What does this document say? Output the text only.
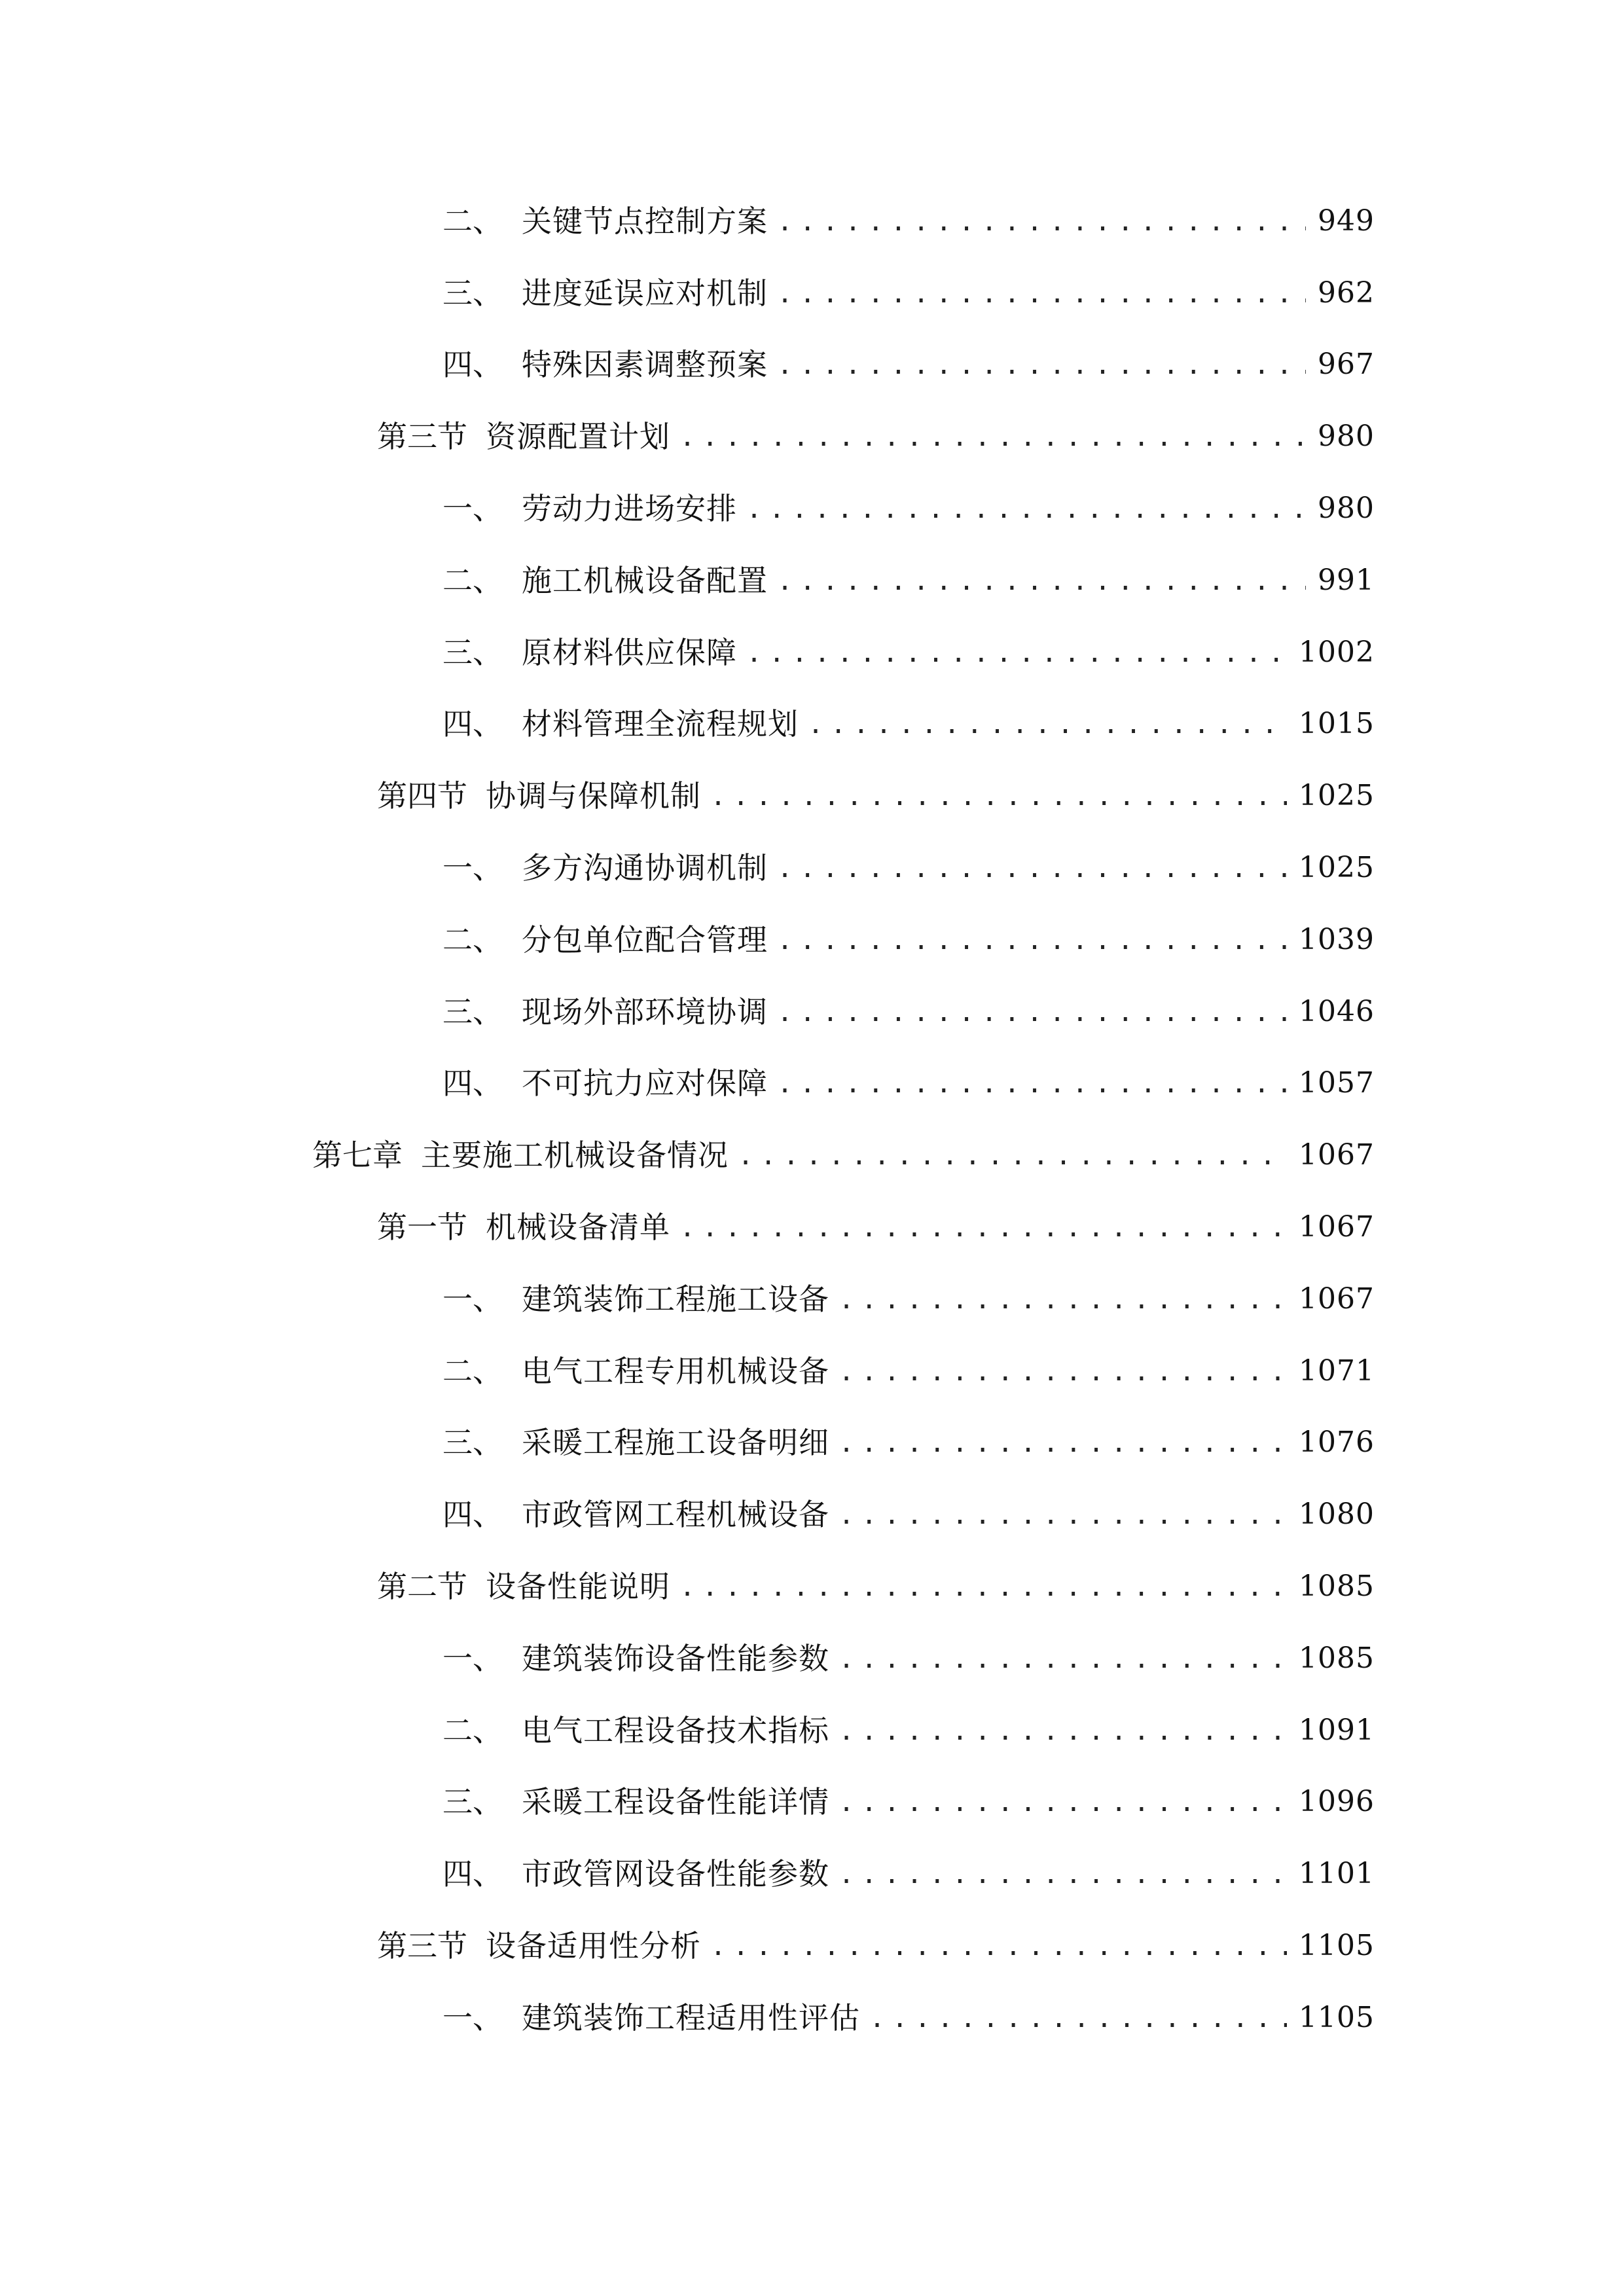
二、 关键节点控制方案 .....	949
三、 进度延误应对机制 .....	962
四、 特殊因素调整预案 .....	967
第三节 资源配置计划 .....	980
一、 劳动力进场安排 .....	980
二、 施工机械设备配置 .....	991
三、 原材料供应保障 .....	1002
四、 材料管理全流程规划 .....	1015
第四节 协调与保障机制 .....	1025
一、 多方沟通协调机制 .....	1025
二、 分包单位配合管理 .....	1039
三、 现场外部环境协调 .....	1046
四、 不可抗力应对保障 .....	1057
第七章 主要施工机械设备情况 .....	1067
第一节 机械设备清单 .....	1067
一、 建筑装饰工程施工设备 .....	1067
二、 电气工程专用机械设备 .....	1071
三、 采暖工程施工设备明细 .....	1076
四、 市政管网工程机械设备 .....	1080
第二节 设备性能说明 .....	1085
一、 建筑装饰设备性能参数 .....	1085
二、 电气工程设备技术指标 .....	1091
三、 采暖工程设备性能详情 .....	1096
四、 市政管网设备性能参数 .....	1101
第三节 设备适用性分析 .....	1105
一、 建筑装饰工程适用性评估 .....	1105
